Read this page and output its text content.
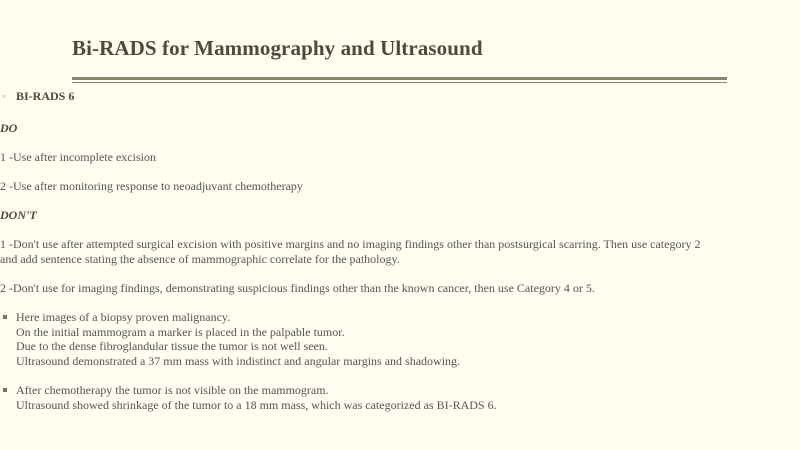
Bi-RADS for Mammography and Ultrasound
▫ BI-RADS 6
DO
1 -Use after incomplete excision
2 -Use after monitoring response to neoadjuvant chemotherapy
DON'T
1 -Don't use after attempted surgical excision with positive margins and no imaging findings other than postsurgical scarring. Then use category 2
and add sentence stating the absence of mammographic correlate for the pathology.
2 -Don't use for imaging findings, demonstrating suspicious findings other than the known cancer, then use Category 4 or 5.
Here images of a biopsy proven malignancy.
On the initial mammogram a marker is placed in the palpable tumor.
Due to the dense fibroglandular tissue the tumor is not well seen.
Ultrasound demonstrated a 37 mm mass with indistinct and angular margins and shadowing.
After chemotherapy the tumor is not visible on the mammogram.
Ultrasound showed shrinkage of the tumor to a 18 mm mass, which was categorized as BI-RADS 6.
